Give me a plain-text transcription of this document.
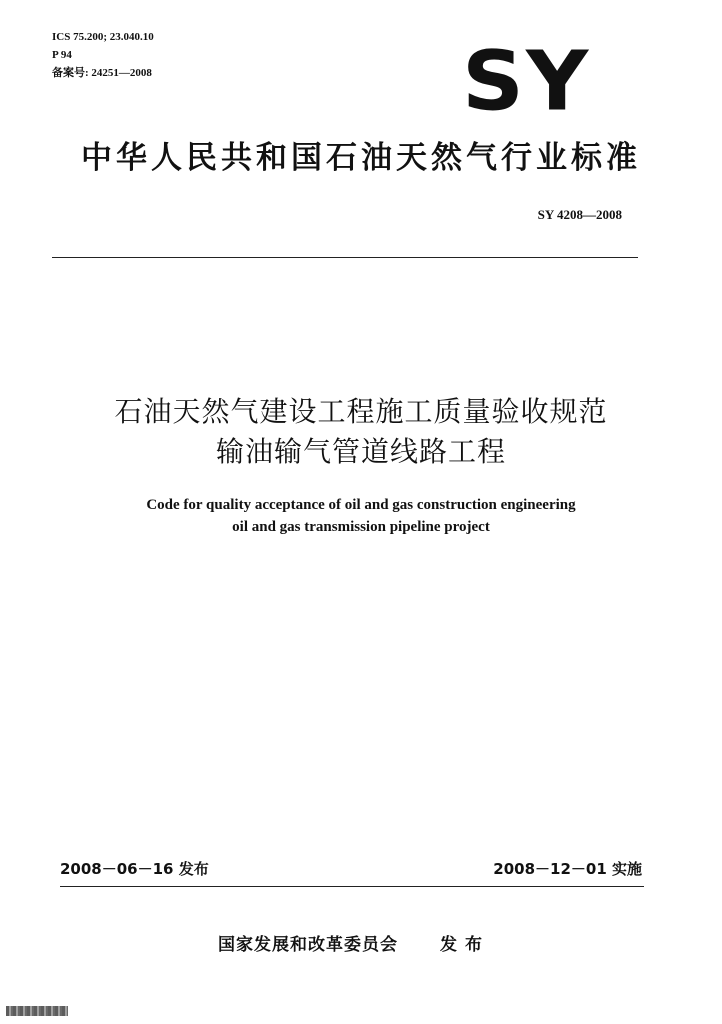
ICS 75.200; 23.040.10
P 94
备案号: 24251—2008	SY
中华人民共和国石油天然气行业标准
SY 4208—2008
石油天然气建设工程施工质量验收规范
输油输气管道线路工程
Code for quality acceptance of oil and gas construction engineering
oil and gas transmission pipeline project
2008－06－16 发布	2008－12－01 实施
国家发展和改革委员会 发布
